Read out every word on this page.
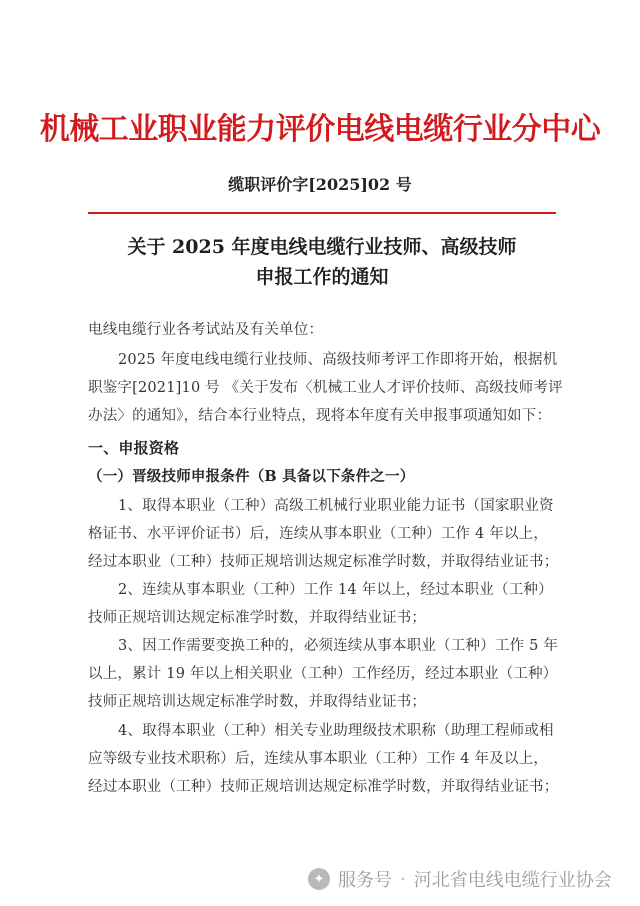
机械工业职业能力评价电线电缆行业分中心
缆职评价字[2025]02 号
关于 2025 年度电线电缆行业技师、高级技师
申报工作的通知
电线电缆行业各考试站及有关单位：
2025 年度电线电缆行业技师、高级技师考评工作即将开始，根据机
职鉴字[2021]10 号 《关于发布〈机械工业人才评价技师、高级技师考评
办法〉的通知》，结合本行业特点，现将本年度有关申报事项通知如下：
一、申报资格
（一）晋级技师申报条件（B 具备以下条件之一）
1、取得本职业（工种）高级工机械行业职业能力证书（国家职业资
格证书、水平评价证书）后，连续从事本职业（工种）工作 4 年以上，
经过本职业（工种）技师正规培训达规定标准学时数，并取得结业证书；
2、连续从事本职业（工种）工作 14 年以上，经过本职业（工种）
技师正规培训达规定标准学时数，并取得结业证书；
3、因工作需要变换工种的，必须连续从事本职业（工种）工作 5 年
以上，累计 19 年以上相关职业（工种）工作经历，经过本职业（工种）
技师正规培训达规定标准学时数，并取得结业证书；
4、取得本职业（工种）相关专业助理级技术职称（助理工程师或相
应等级专业技术职称）后，连续从事本职业（工种）工作 4 年及以上，
经过本职业（工种）技师正规培训达规定标准学时数，并取得结业证书；
✦ 服务号 · 河北省电线电缆行业协会
